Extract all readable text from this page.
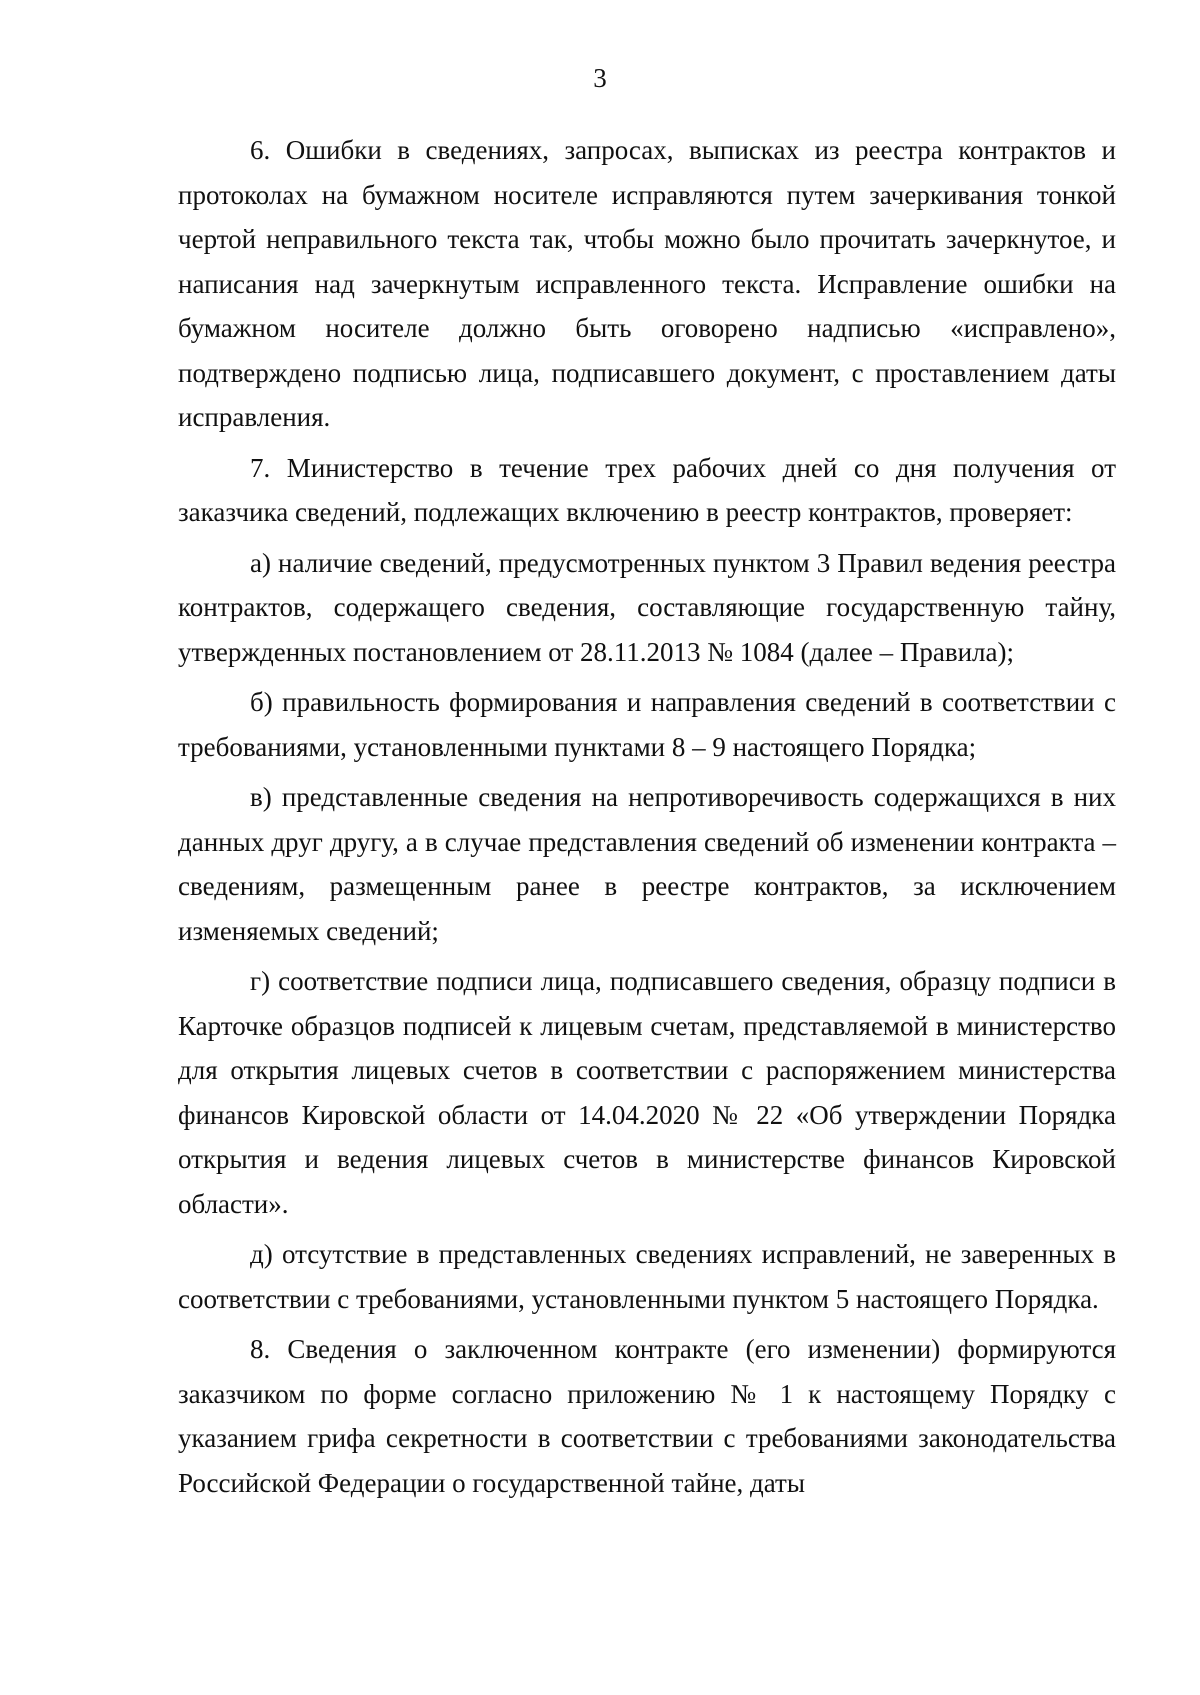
3

6. Ошибки в сведениях, запросах, выписках из реестра контрактов и протоколах на бумажном носителе исправляются путем зачеркивания тонкой чертой неправильного текста так, чтобы можно было прочитать зачеркнутое, и написания над зачеркнутым исправленного текста. Исправление ошибки на бумажном носителе должно быть оговорено надписью «исправлено», подтверждено подписью лица, подписавшего документ, с проставлением даты исправления.

7. Министерство в течение трех рабочих дней со дня получения от заказчика сведений, подлежащих включению в реестр контрактов, проверяет:

а) наличие сведений, предусмотренных пунктом 3 Правил ведения реестра контрактов, содержащего сведения, составляющие государственную тайну, утвержденных постановлением от 28.11.2013 № 1084 (далее – Правила);

б) правильность формирования и направления сведений в соответствии с требованиями, установленными пунктами 8 – 9 настоящего Порядка;

в) представленные сведения на непротиворечивость содержащихся в них данных друг другу, а в случае представления сведений об изменении контракта – сведениям, размещенным ранее в реестре контрактов, за исключением изменяемых сведений;

г) соответствие подписи лица, подписавшего сведения, образцу подписи в Карточке образцов подписей к лицевым счетам, представляемой в министерство для открытия лицевых счетов в соответствии с распоряжением министерства финансов Кировской области от 14.04.2020 № 22 «Об утверждении Порядка открытия и ведения лицевых счетов в министерстве финансов Кировской области».

д) отсутствие в представленных сведениях исправлений, не заверенных в соответствии с требованиями, установленными пунктом 5 настоящего Порядка.

8. Сведения о заключенном контракте (его изменении) формируются заказчиком по форме согласно приложению № 1 к настоящему Порядку с указанием грифа секретности в соответствии с требованиями законодательства Российской Федерации о государственной тайне, даты
